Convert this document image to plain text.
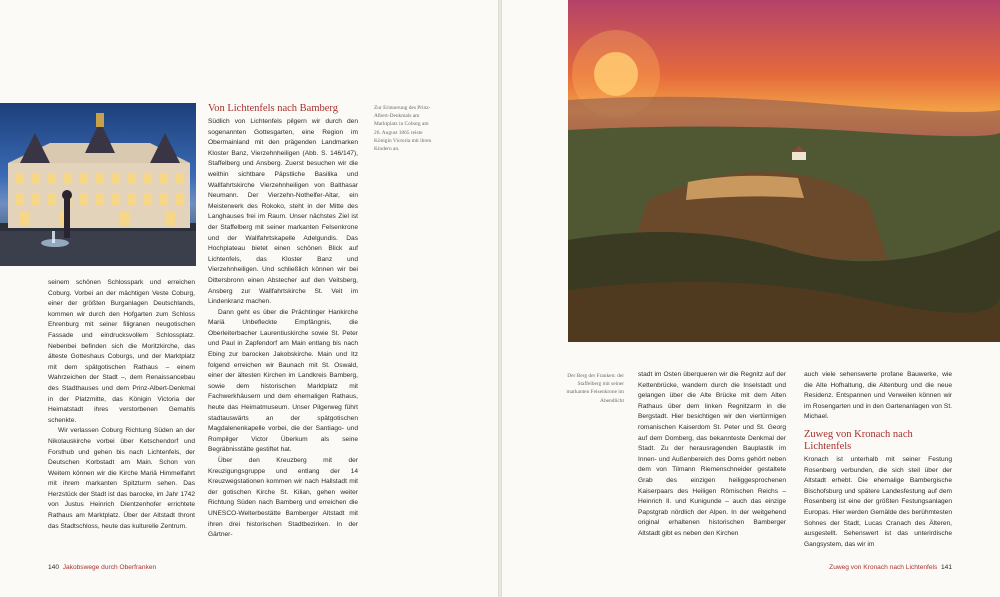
Zur Erinnerung des Prinz-Albert-Denkmals am Marktplatz in Coburg am 26. August 1865 reiste Königin Victoria mit ihren Kindern an.

seinem schönen Schlosspark und erreichen Coburg. Vorbei an der mächtigen Veste Coburg, einer der größten Burganlagen Deutschlands, kommen wir durch den Hofgarten zum Schloss Ehrenburg mit seiner filigranen neugotischen Fassade und eindrucksvollem Schlossplatz. Nebenbei befinden sich die Moritzkirche, das älteste Gotteshaus Coburgs, und der Marktplatz mit dem spätgotischen Rathaus – einem Wahrzeichen der Stadt –, dem Renaissancebau des Stadthauses und dem Prinz-Albert-Denkmal in der Platzmitte, das Königin Victoria der Heimatstadt ihres verstorbenen Gemahls schenkte.

Wir verlassen Coburg Richtung Süden an der Nikolauskirche vorbei über Ketschendorf und Forsthub und gehen bis nach Lichtenfels, der Deutschen Korbstadt am Main. Schon von Weitem können wir die Kirche Mariä Himmelfahrt mit ihrem markanten Spitzturm sehen. Das Herzstück der Stadt ist das barocke, im Jahr 1742 von Justus Heinrich Dientzenhofer errichtete Rathaus am Marktplatz. Über der Altstadt thront das Stadtschloss, heute das kulturelle Zentrum.

Von Lichtenfels nach Bamberg

Südlich von Lichtenfels pilgern wir durch den sogenannten Gottesgarten, eine Region im Obermainland mit den prägenden Landmarken Kloster Banz, Vierzehnheiligen (Abb. S. 146/147), Staffelberg und Ansberg. Zuerst besuchen wir die weithin sichtbare Päpstliche Basilika und Wallfahrtskirche Vierzehnheiligen von Balthasar Neumann. Der Vierzehn-Nothelfer-Altar, ein Meisterwerk des Rokoko, steht in der Mitte des Langhauses frei im Raum. Unser nächstes Ziel ist der Staffelberg mit seiner markanten Felsenkrone und der Wallfahrtskapelle Adelgundis. Das Hochplateau bietet einen schönen Blick auf Lichtenfels, das Kloster Banz und Vierzehnheiligen. Und schließlich können wir bei Dittersbronn einen Abstecher auf den Veitsberg, Ansberg zur Wallfahrtskirche St. Veit im Lindenkranz machen.

Dann geht es über die Prächtinger Hankirche Mariä Unbefleckte Empfängnis, die Oberleiterbacher Laurentiuskirche sowie St. Peter und Paul in Zapfendorf am Main entlang bis nach Ebing zur barocken Jakobskirche. Main und Itz folgend erreichen wir Baunach mit St. Oswald, einer der ältesten Kirchen im Landkreis Bamberg, sowie dem historischen Marktplatz mit Fachwerkhäusern und dem ehemaligen Rathaus, heute das Heimatmuseum. Unser Pilgerweg führt stadtauswärts an der spätgotischen Magdalenenkapelle vorbei, die der Santiago- und Rompilger Victor Überkum als seine Begräbnisstätte gestiftet hat.

Über den Kreuzberg mit der Kreuzigungsgruppe und entlang der 14 Kreuzwegstationen kommen wir nach Hallstadt mit der gotischen Kirche St. Kilian, gehen weiter Richtung Süden nach Bamberg und erreichen die UNESCO-Welterbestätte Bamberger Altstadt mit ihren drei historischen Stadtbezirken. In der Gärtner-

140 Jakobswege durch Oberfranken
Der Berg der Franken: der Staffelberg mit seiner markanten Felsenkrone im Abendlicht

stadt im Osten überqueren wir die Regnitz auf der Kettenbrücke, wandern durch die Inselstadt und gelangen über die Alte Brücke mit dem Alten Rathaus über dem linken Regnitzarm in die Bergstadt. Hier besichtigen wir den viertürmigen romanischen Kaiserdom St. Peter und St. Georg auf dem Domberg, das bekannteste Denkmal der Stadt. Zu der herausragenden Bauplastik im Innen- und Außenbereich des Doms gehört neben dem von Tilmann Riemenschneider gestaltete Grab des einzigen heiliggesprochenen Kaiserpaars des Heiligen Römischen Reichs – Heinrich II. und Kunigunde – auch das einzige Papstgrab nördlich der Alpen. In der weitgehend original erhaltenen historischen Bamberger Altstadt gibt es neben den Kirchen

auch viele sehenswerte profane Bauwerke, wie die Alte Hofhaltung, die Altenburg und die neue Residenz. Entspannen und Verweilen können wir im Rosengarten und in den Gartenanlagen von St. Michael.

Zuweg von Kronach nach Lichtenfels

Kronach ist unterhalb mit seiner Festung Rosenberg verbunden, die sich steil über der Altstadt erhebt. Die ehemalige Bambergische Bischofsburg und spätere Landesfestung auf dem Rosenberg ist eine der größten Festungsanlagen Europas. Hier werden Gemälde des berühmtesten Sohnes der Stadt, Lucas Cranach des Älteren, ausgestellt. Sehenswert ist das unterirdische Gangsystem, das wir im

Zuweg von Kronach nach Lichtenfels 141
